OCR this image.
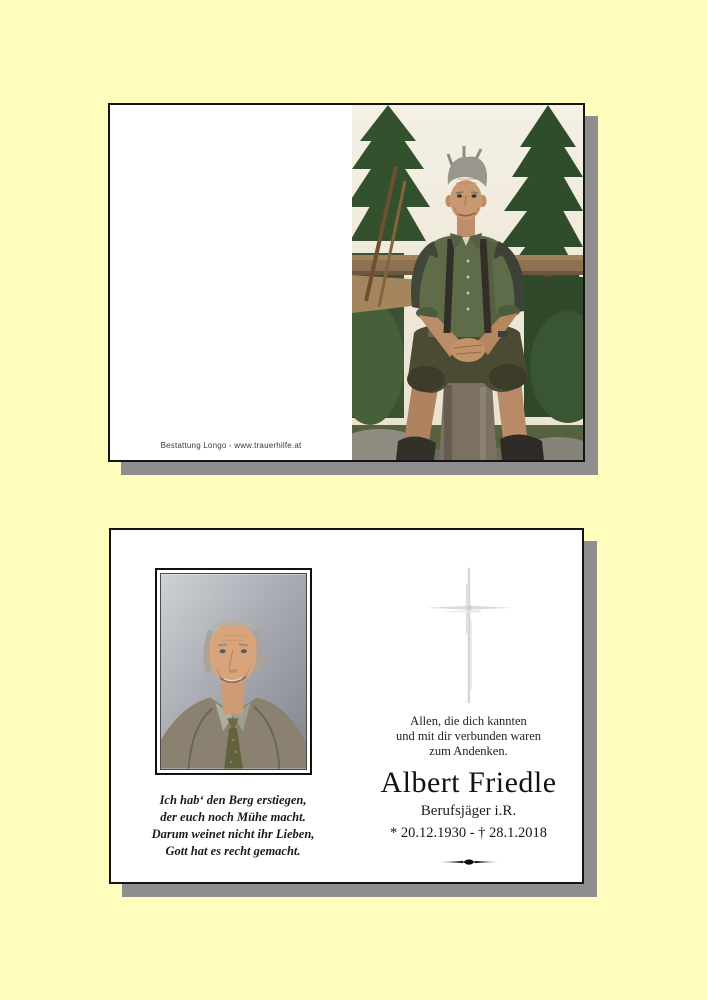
Bestattung Longo - www.trauerhilfe.at
Ich hab‘ den Berg erstiegen,
der euch noch Mühe macht.
Darum weinet nicht ihr Lieben,
Gott hat es recht gemacht.
Allen, die dich kannten
und mit dir verbunden waren
zum Andenken.
Albert Friedle
Berufsjäger i.R.
* 20.12.1930 - † 28.1.2018
